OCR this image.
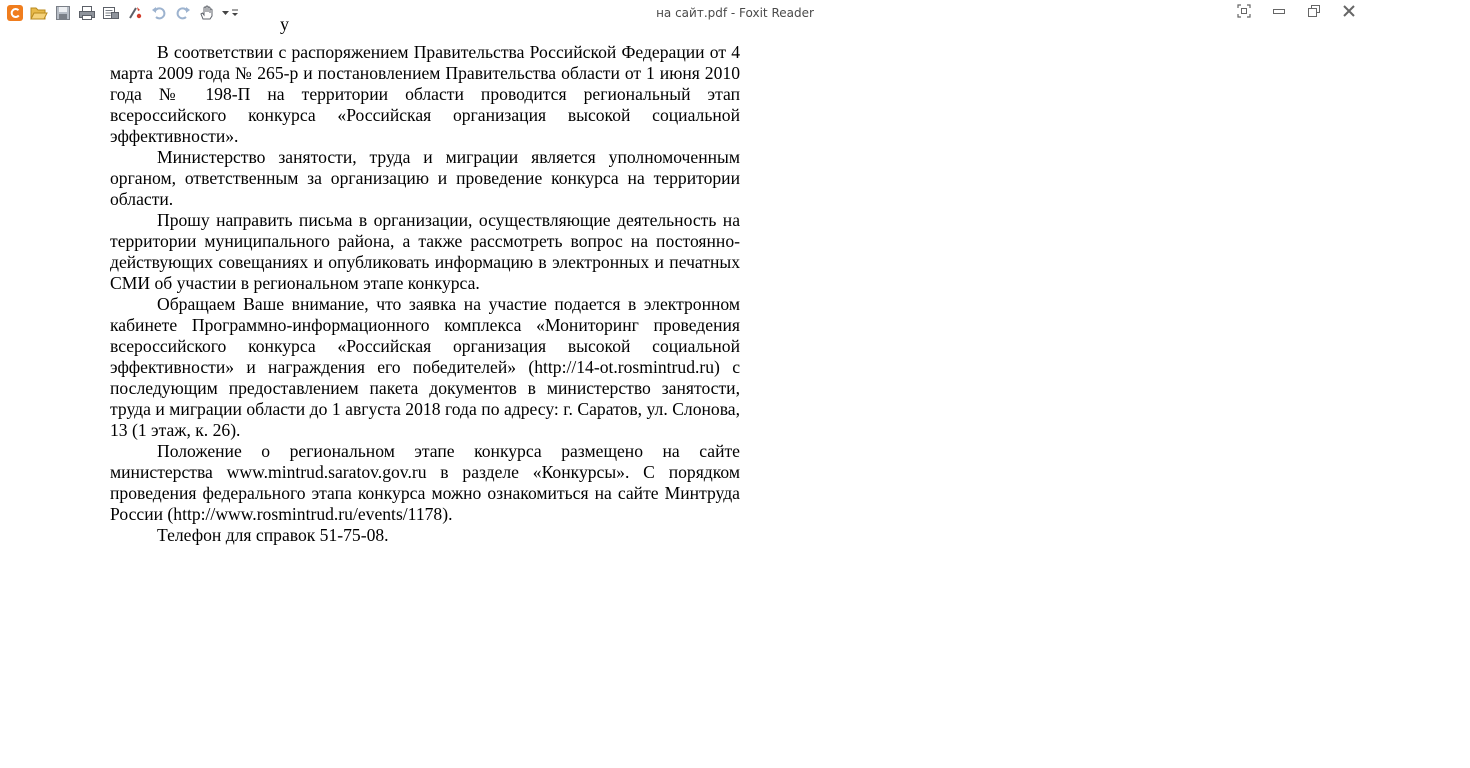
на сайт.pdf - Foxit Reader

у

В соответствии с распоряжением Правительства Российской Федерации от 4 марта 2009 года № 265-р и постановлением Правительства области от 1 июня 2010 года № 198-П на территории области проводится региональный этап всероссийского конкурса «Российская организация высокой социальной эффективности».

Министерство занятости, труда и миграции является уполномоченным органом, ответственным за организацию и проведение конкурса на территории области.

Прошу направить письма в организации, осуществляющие деятельность на территории муниципального района, а также рассмотреть вопрос на постоянно-действующих совещаниях и опубликовать информацию в электронных и печатных СМИ об участии в региональном этапе конкурса.

Обращаем Ваше внимание, что заявка на участие подается в электронном кабинете Программно-информационного комплекса «Мониторинг проведения всероссийского конкурса «Российская организация высокой социальной эффективности» и награждения его победителей» (http://14-ot.rosmintrud.ru) с последующим предоставлением пакета документов в министерство занятости, труда и миграции области до 1 августа 2018 года по адресу: г. Саратов, ул. Слонова, 13 (1 этаж, к. 26).

Положение о региональном этапе конкурса размещено на сайте министерства www.mintrud.saratov.gov.ru в разделе «Конкурсы». С порядком проведения федерального этапа конкурса можно ознакомиться на сайте Минтруда России (http://www.rosmintrud.ru/events/1178).

Телефон для справок 51-75-08.
